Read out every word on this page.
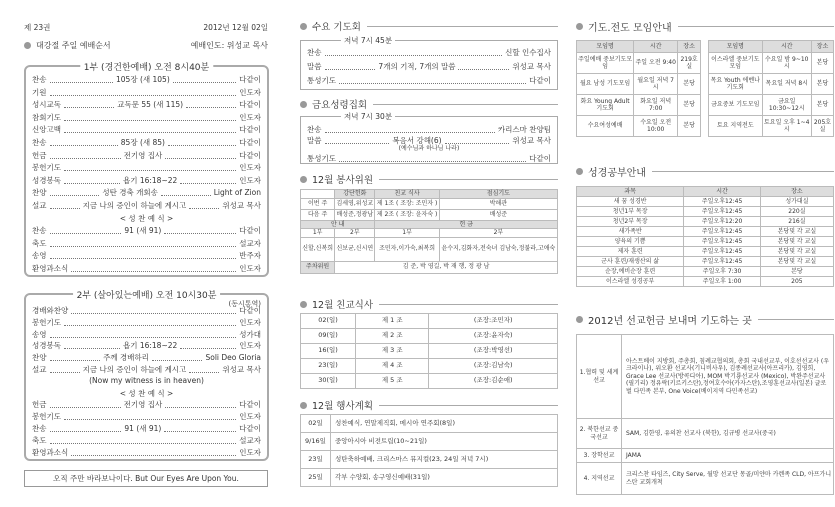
제 23권	2012년 12월 02일
대강절 주일 예배순서	예배인도: 위성교 목사
1부 (경건한예배) 오전 8시40분
찬송	105장 (새 105)	다같이
기원	인도자
성시교독	교독문 55 (새 115)	다같이
참회기도	인도자
신앙고백	다같이
찬송	85장 (새 85)	다같이
헌금	전기영 집사	다같이
봉헌기도	인도자
성경봉독	욥기 16:18~22	인도자
찬양	성탄 경축 개회송	Light of Zion
설교	지금 나의 증인이 하늘에 계시고	위성교 목사
< 성 찬 예 식 >
찬송	91 (새 91)	다같이
축도	설교자
송영	반주자
환영과소식	인도자
2부 (살아있는예배) 오전 10시30분
(동시통역)
경배와찬양	다같이
봉헌기도	인도자
송영	성가대
성경봉독	욥기 16:18~22	인도자
찬양	주께 경배하리	Soli Deo Gloria
설교	지금 나의 증인이 하늘에 계시고	위성교 목사
(Now my witness is in heaven)
< 성 찬 예 식 >
헌금	전기영 집사	다같이
봉헌기도	인도자
찬송	91 (새 91)	다같이
축도	설교자
환영과소식	인도자
오직 주만 바라보나이다. But Our Eyes Are Upon You.
수요 기도회
저녁 7시 45분
찬송	신할 인수집사
말씀	7개의 기적, 7개의 말씀	위성교 목사
통성기도	다같이
금요성령집회
저녁 7시 30분
찬송	카리스마 찬양팀
말씀	복음서 강해(6)	위성교 목사
(예수님과 하나님 나라)
통성기도	다같이
12월 봉사위원
	강단헌화	친교 식사	점심기도
이번 주	김세영,위성교	제 1조 ( 조장: 조민자 )	박해관
다음 주	배성준,정광남	제 2조 ( 조장: 윤자숙 )	배성준
안 내		헌 금	
1부	2부	1부	2부
신할,신복희	신보균,신시연	조민자,이가숙,최복희	윤수지,김화자,전숙녀 김남숙,정불라,고애숙
주차위원	김 준, 박 영길, 박 재 행, 정 광 남		
12월 친교식사
02(일)	제 1 조	(조장:조민자)
09(일)	제 2 조	(조장:윤자숙)
16(일)	제 3 조	(조장:박영선)
23(일)	제 4 조	(조장:김남숙)
30(일)	제 5 조	(조장:김순애)
12월 행사계획
02일	성찬예식, 연말제직회, 메시아 연주회(8일)
9/16일	중앙아시아 비전트립(10~21일)
23일	성탄축하예배, 크리스마스 뮤지컬(23, 24일 저녁 7시)
25일	각부 수양회, 송구영신예배(31일)
기도.전도 모임안내
모임명	시간	장소
주일예배 중보기도모임	주일 오전 9:40	219호실
월요 남성 기도모임	월요일 저녁 7시	본당
화요 Young Adult 기도회	화요일 저녁7:00	본당
수요여성예배	수요일 오전 10:00	본당
모임명	시간	장소
이스라엘 중보기도모임	수요일 밤 9~10시	본당
목요 Youth 에벤나 기도회	목요일 저녁 8시	본당
금요중보 기도모임	금요일 10:30~12시	본당
토요 지역전도	토요일 오후 1~4시	205호실
성경공부안내
과목	시간	장소
새 꿈 성경반	주일오후12:45	성가대실
청년1부 목장	주일오후12:45	220실
청년2부 목장	주일오후12:20	216실
새가족반	주일오후12:45	본당및 각 교실
양육의 기쁨	주일오후12:45	본당및 각 교실
제자 훈련	주일오후12:45	본당및 각 교실
군사 훈련/재생산의 삶	주일오후12:45	본당및 각 교실
순장,예비순장 훈련	주일오후 7:30	본당
이스라엘 성경공부	주일오후 1:00	205
2012년 선교헌금 보내며 기도하는 곳
1.협력 및 세계선교	아스트베이 지방회, 주총회, 침례교협의회, 총회 국내선교부, 이호선선교사 (우크라이나), 위오환 선교사(기니비사우), 김종례선교사(아프리카), 김영희, Grace Lee 선교사(방콕디아), MOM 박기룡선교사 (Mexico), 박완주선교사 (필기리) 정유락(키르키스탄),정여호수아(카자스탄),조영훈선교사(일본) 글로벌 다민족 본부, One Voice(베이지역 다민족선교)
2. 북한선교 중국선교	SAM, 김한영, 유의찬 선교사 (북한), 김규병 선교사(중국)
3. 장학선교	JAMA
4. 지역선교	크리스찬 타임즈, City Serve, 월망 선교단 몽골/미얀마 카렌족 CLD, 아프가니스탄 교회개척
